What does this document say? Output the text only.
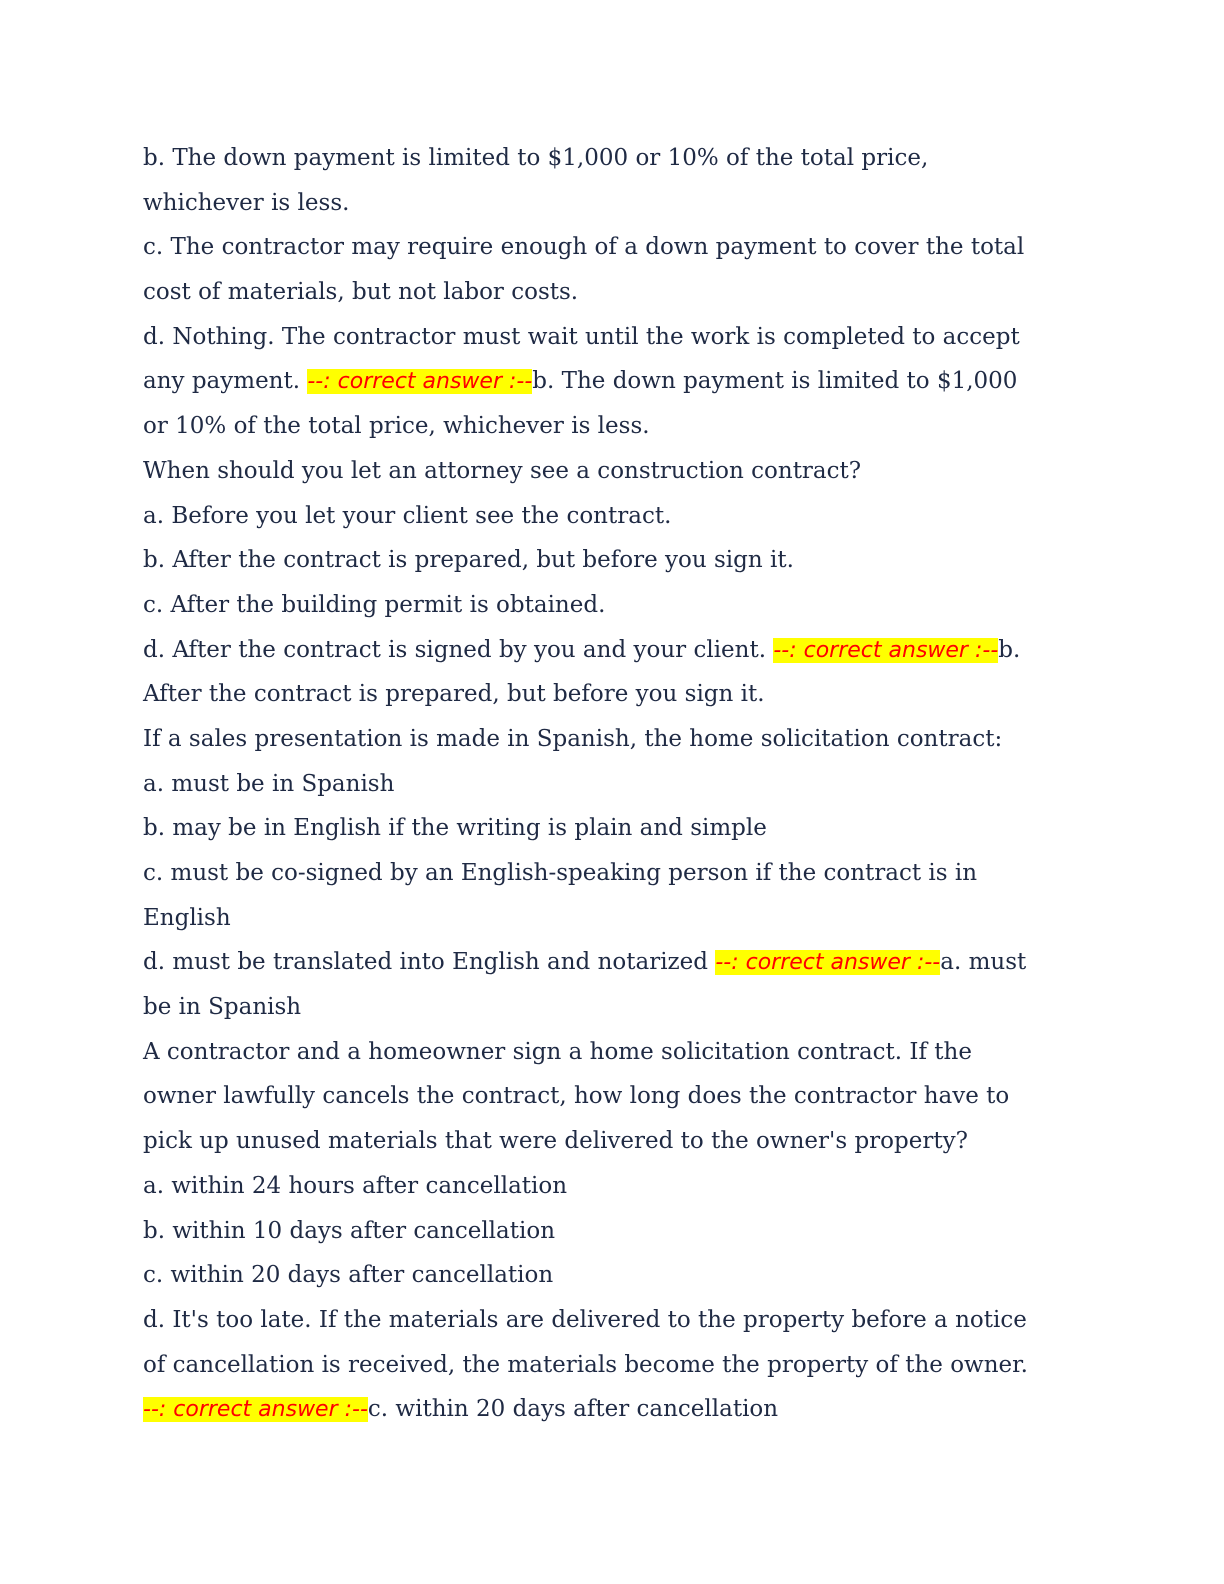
b. The down payment is limited to $1,000 or 10% of the total price,
whichever is less.
c. The contractor may require enough of a down payment to cover the total
cost of materials, but not labor costs.
d. Nothing. The contractor must wait until the work is completed to accept
any payment. --: correct answer :--b. The down payment is limited to $1,000
or 10% of the total price, whichever is less.
When should you let an attorney see a construction contract?
a. Before you let your client see the contract.
b. After the contract is prepared, but before you sign it.
c. After the building permit is obtained.
d. After the contract is signed by you and your client. --: correct answer :--b.
After the contract is prepared, but before you sign it.
If a sales presentation is made in Spanish, the home solicitation contract:
a. must be in Spanish
b. may be in English if the writing is plain and simple
c. must be co-signed by an English-speaking person if the contract is in
English
d. must be translated into English and notarized --: correct answer :--a. must
be in Spanish
A contractor and a homeowner sign a home solicitation contract. If the
owner lawfully cancels the contract, how long does the contractor have to
pick up unused materials that were delivered to the owner's property?
a. within 24 hours after cancellation
b. within 10 days after cancellation
c. within 20 days after cancellation
d. It's too late. If the materials are delivered to the property before a notice
of cancellation is received, the materials become the property of the owner.
--: correct answer :--c. within 20 days after cancellation
